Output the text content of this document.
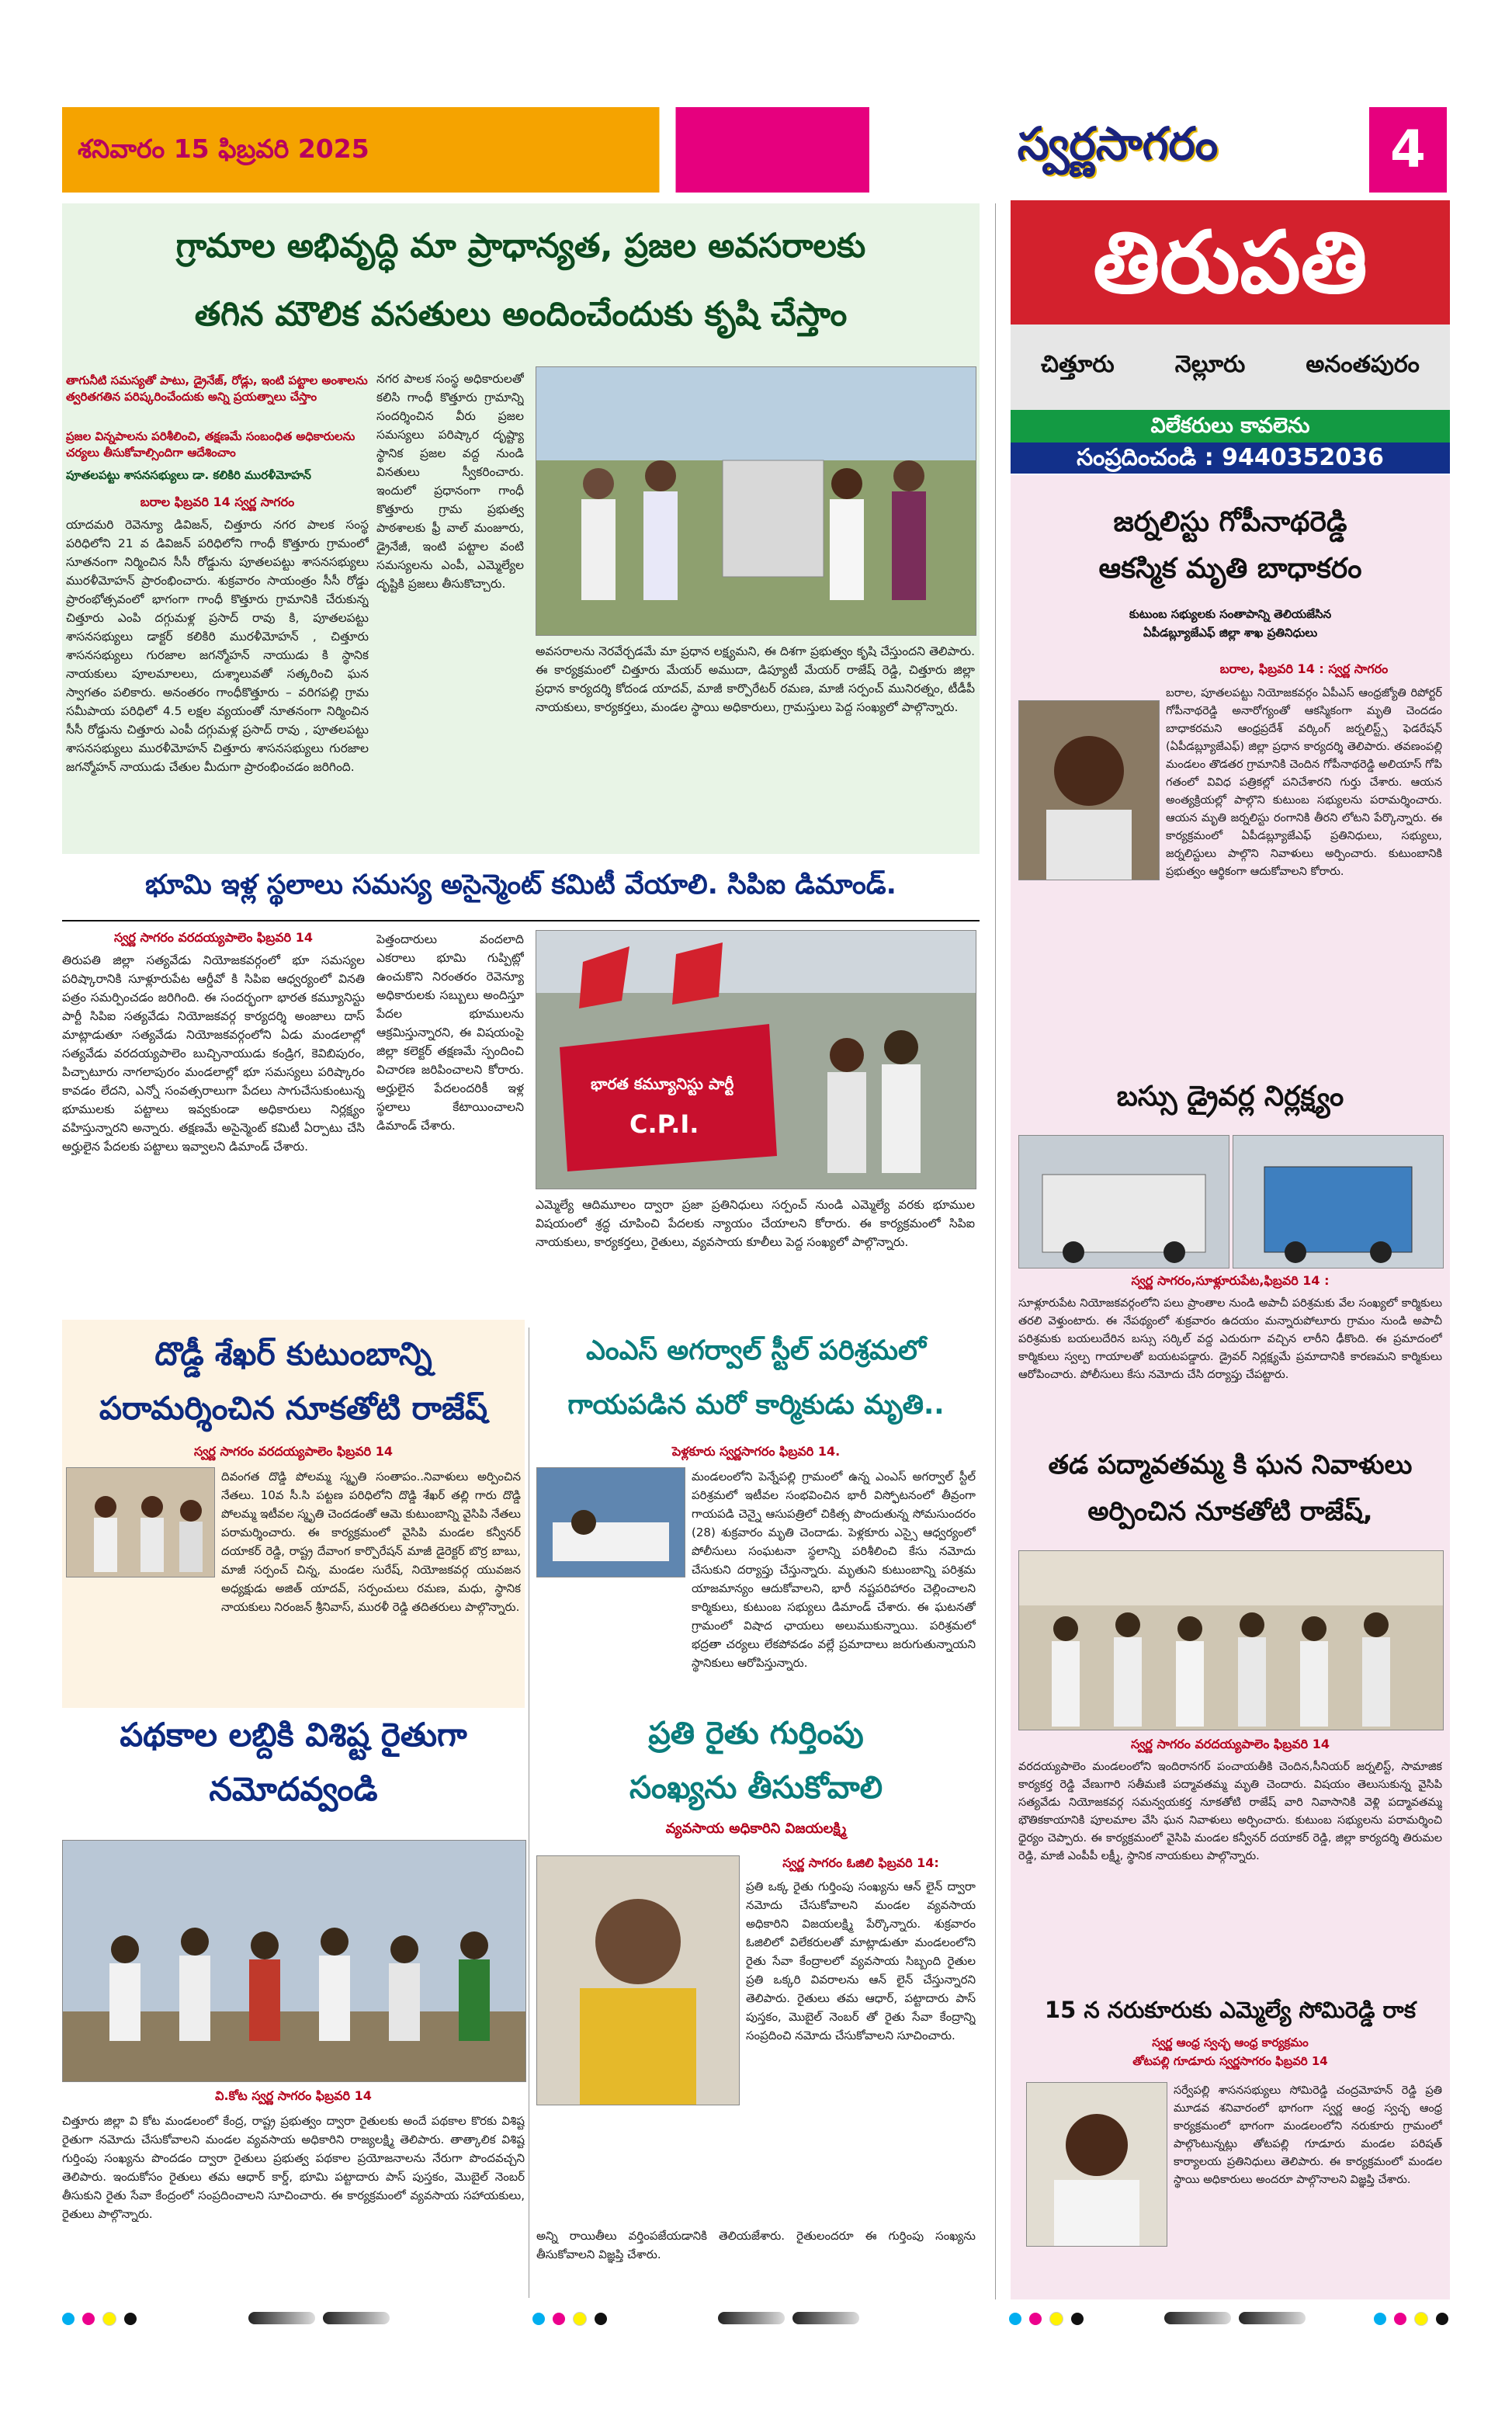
శనివారం 15 ఫిబ్రవరి 2025	స్వర్ణసాగరం	4
తిరుపతి
చిత్తూరు	నెల్లూరు	అనంతపురం
విలేకరులు కావలెను
సంప్రదించండి : 9440352036
గ్రామాల అభివృద్ధి మా ప్రాధాన్యత, ప్రజల అవసరాలకు
తగిన మౌలిక వసతులు అందించేందుకు కృషి చేస్తాం
తాగునీటి సమస్యతో పాటు, డ్రైనేజ్, రోడ్లు, ఇంటి పట్టాల అంశాలను త్వరితగతిన పరిష్కరించేందుకు అన్ని ప్రయత్నాలు చేస్తాం
ప్రజల విన్నపాలను పరిశీలించి, తక్షణమే సంబంధిత అధికారులను చర్యలు తీసుకోవాల్సిందిగా ఆదేశించాం
పూతలపట్టు శాసనసభ్యులు డా. కలికిరి మురళీమోహన్
బరాల ఫిబ్రవరి 14 స్వర్ణ సాగరం
యాదమరి రెవెన్యూ డివిజన్, చిత్తూరు నగర పాలక సంస్థ పరిధిలోని 21 వ డివిజన్ పరిధిలోని గాంధీ కొత్తూరు గ్రామంలో సూతనంగా నిర్మించిన సీసీ రోడ్డును పూతలపట్టు శాసనసభ్యులు మురళీమోహన్ ప్రారంభించారు. శుక్రవారం సాయంత్రం సీసీ రోడ్డు ప్రారంభోత్సవంలో భాగంగా గాంధీ కొత్తూరు గ్రామానికి చేరుకున్న చిత్తూరు ఎంపి దగ్గుమళ్ల ప్రసాద్ రావు కి, పూతలపట్టు శాసనసభ్యులు డాక్టర్ కలికిరి మురళీమోహన్ , చిత్తూరు శాసనసభ్యులు గురజాల జగన్మోహన్ నాయుడు కి స్థానిక నాయకులు పూలమాలలు, దుశ్శాలువతో సత్కరించి ఘన స్వాగతం పలికారు. అనంతరం గాంధీకొత్తూరు – వరిగపల్లి గ్రామ సమీపాయ పరిధిలో 4.5 లక్షల వ్యయంతో నూతనంగా నిర్మించిన సీసీ రోడ్డును చిత్తూరు ఎంపీ దగ్గుమళ్ల ప్రసాద్ రావు , పూతలపట్టు శాసనసభ్యులు మురళీమోహన్ చిత్తూరు శాసనసభ్యులు గురజాల జగన్మోహన్ నాయుడు చేతుల మీదుగా ప్రారంభించడం జరిగింది.
నగర పాలక సంస్థ అధికారులతో కలిసి గాంధీ కొత్తూరు గ్రామాన్ని సందర్శించిన వీరు ప్రజల సమస్యలు పరిష్కార దృష్ట్యా స్థానిక ప్రజల వద్ద నుండి వినతులు స్వీకరించారు. ఇందులో ప్రధానంగా గాంధీ కొత్తూరు గ్రామ ప్రభుత్వ పాఠశాలకు ఫ్రీ వాల్ మంజూరు, డ్రైనేజీ, ఇంటి పట్టాల వంటి సమస్యలను ఎంపీ, ఎమ్మెల్యేల దృష్టికి ప్రజలు తీసుకొచ్చారు.
అవసరాలను నెరవేర్చడమే మా ప్రధాన లక్ష్యమని, ఈ దిశగా ప్రభుత్వం కృషి చేస్తుందని తెలిపారు. ఈ కార్యక్రమంలో చిత్తూరు మేయర్ అముదా, డిప్యూటీ మేయర్ రాజేష్ రెడ్డి, చిత్తూరు జిల్లా ప్రధాన కార్యదర్శి కోదండ యాదవ్, మాజీ కార్పొరేటర్ రమణ, మాజీ సర్పంచ్ మునిరత్నం, టీడీపీ నాయకులు, కార్యకర్తలు, మండల స్థాయి అధికారులు, గ్రామస్తులు పెద్ద సంఖ్యలో పాల్గొన్నారు.
భూమి ఇళ్ల స్థలాలు సమస్య అసైన్మెంట్ కమిటీ వేయాలి. సిపిఐ డిమాండ్.
స్వర్ణ సాగరం వరదయ్యపాలెం ఫిబ్రవరి 14
తిరుపతి జిల్లా సత్యవేడు నియోజకవర్గంలో భూ సమస్యల పరిష్కారానికి సూళ్లూరుపేట ఆర్డీవో కి సిపిఐ ఆధ్వర్యంలో వినతి పత్రం సమర్పించడం జరిగింది. ఈ సందర్భంగా భారత కమ్యూనిస్టు పార్టీ సిపిఐ సత్యవేడు నియోజకవర్గ కార్యదర్శి అంజాలు దాస్ మాట్లాడుతూ సత్యవేడు నియోజకవర్గంలోని ఏడు మండలాల్లో సత్యవేడు వరదయ్యపాలెం బుచ్చినాయుడు కండ్రిగ, కెవిబిపురం, పిచ్చాటూరు నాగలాపురం మండలాల్లో భూ సమస్యలు పరిష్కారం కావడం లేదని, ఎన్నో సంవత్సరాలుగా పేదలు సాగుచేసుకుంటున్న భూములకు పట్టాలు ఇవ్వకుండా అధికారులు నిర్లక్ష్యం వహిస్తున్నారని అన్నారు. తక్షణమే అసైన్మెంట్ కమిటీ ఏర్పాటు చేసి అర్హులైన పేదలకు పట్టాలు ఇవ్వాలని డిమాండ్ చేశారు.
పెత్తందారులు వందలాది ఎకరాలు భూమి గుప్పిట్లో ఉంచుకొని నిరంతరం రెవెన్యూ అధికారులకు సబ్బులు అందిస్తూ పేదల భూములను ఆక్రమిస్తున్నారని, ఈ విషయంపై జిల్లా కలెక్టర్ తక్షణమే స్పందించి విచారణ జరిపించాలని కోరారు. అర్హులైన పేదలందరికీ ఇళ్ల స్థలాలు కేటాయించాలని డిమాండ్ చేశారు.
భారత కమ్యూనిస్టు పార్టీ
C.P.I.
ఎమ్మెల్యే ఆదిమూలం ద్వారా ప్రజా ప్రతినిధులు సర్పంచ్ నుండి ఎమ్మెల్యే వరకు భూముల విషయంలో శ్రద్ధ చూపించి పేదలకు న్యాయం చేయాలని కోరారు. ఈ కార్యక్రమంలో సిపిఐ నాయకులు, కార్యకర్తలు, రైతులు, వ్యవసాయ కూలీలు పెద్ద సంఖ్యలో పాల్గొన్నారు.
దొడ్డీ శేఖర్ కుటుంబాన్ని
పరామర్శించిన నూకతోటి రాజేష్
స్వర్ణ సాగరం వరదయ్యపాలెం ఫిబ్రవరి 14
దివంగత దొడ్డి పోలమ్మ స్మృతి సంతాపం..నివాళులు అర్పించిన నేతలు. 10వ సీ.సి పట్టణ పరిధిలోని దొడ్డి శేఖర్ తల్లి గారు దొడ్డి పోలమ్మ ఇటీవల స్మృతి చెందడంతో ఆమె కుటుంబాన్ని వైసిపి నేతలు పరామర్శించారు. ఈ కార్యక్రమంలో వైసిపి మండల కన్వీనర్ దయాకర్ రెడ్డి, రాష్ట్ర దేవాంగ కార్పొరేషన్ మాజీ డైరెక్టర్ బొర్ర బాబు, మాజీ సర్పంచ్ చిన్న, మండల సురేష్, నియోజకవర్గ యువజన అధ్యక్షుడు అజిత్ యాదవ్, సర్పంచులు రమణ, మధు, స్థానిక నాయకులు నిరంజన్ శ్రీనివాస్, మురళీ రెడ్డి తదితరులు పాల్గొన్నారు.
ఎంఎస్ అగర్వాల్ స్టీల్ పరిశ్రమలో
గాయపడిన మరో కార్మికుడు మృతి..
పెళ్లకూరు స్వర్ణసాగరం ఫిబ్రవరి 14.
మండలంలోని పెన్నేపల్లి గ్రామంలో ఉన్న ఎంఎస్ అగర్వాల్ స్టీల్ పరిశ్రమలో ఇటీవల సంభవించిన భారీ విస్ఫోటనంలో తీవ్రంగా గాయపడి చెన్నై ఆసుపత్రిలో చికిత్స పొందుతున్న సోమసుందరం (28) శుక్రవారం మృతి చెందాడు. పెళ్లకూరు ఎస్సై ఆధ్వర్యంలో పోలీసులు సంఘటనా స్థలాన్ని పరిశీలించి కేసు నమోదు చేసుకుని దర్యాప్తు చేస్తున్నారు. మృతుని కుటుంబాన్ని పరిశ్రమ యాజమాన్యం ఆదుకోవాలని, భారీ నష్టపరిహారం చెల్లించాలని కార్మికులు, కుటుంబ సభ్యులు డిమాండ్ చేశారు. ఈ ఘటనతో గ్రామంలో విషాద ఛాయలు అలుముకున్నాయి. పరిశ్రమలో భద్రతా చర్యలు లేకపోవడం వల్లే ప్రమాదాలు జరుగుతున్నాయని స్థానికులు ఆరోపిస్తున్నారు.
పథకాల లబ్దికి విశిష్ట రైతుగా
నమోదవ్వండి
వి.కోట స్వర్ణ సాగరం ఫిబ్రవరి 14
చిత్తూరు జిల్లా వి కోట మండలంలో కేంద్ర, రాష్ట్ర ప్రభుత్వం ద్వారా రైతులకు అందే పథకాల కొరకు విశిష్ట రైతుగా నమోదు చేసుకోవాలని మండల వ్యవసాయ అధికారిని రాజ్యలక్ష్మి తెలిపారు. తాత్కాలిక విశిష్ట గుర్తింపు సంఖ్యను పొందడం ద్వారా రైతులు ప్రభుత్వ పథకాల ప్రయోజనాలను నేరుగా పొందవచ్చని తెలిపారు. ఇందుకోసం రైతులు తమ ఆధార్ కార్డ్, భూమి పట్టాదారు పాస్ పుస్తకం, మొబైల్ నెంబర్ తీసుకుని రైతు సేవా కేంద్రంలో సంప్రదించాలని సూచించారు. ఈ కార్యక్రమంలో వ్యవసాయ సహాయకులు, రైతులు పాల్గొన్నారు.
ప్రతి రైతు గుర్తింపు
సంఖ్యను తీసుకోవాలి
వ్యవసాయ అధికారిని విజయలక్ష్మి
స్వర్ణ సాగరం ఓజిలి ఫిబ్రవరి 14:
ప్రతి ఒక్క రైతు గుర్తింపు సంఖ్యను ఆన్ లైన్ ద్వారా నమోదు చేసుకోవాలని మండల వ్యవసాయ అధికారిని విజయలక్ష్మి పేర్కొన్నారు. శుక్రవారం ఓజిలిలో విలేకరులతో మాట్లాడుతూ మండలంలోని రైతు సేవా కేంద్రాలలో వ్యవసాయ సిబ్బంది రైతుల ప్రతి ఒక్కరి వివరాలను ఆన్ లైన్ చేస్తున్నారని తెలిపారు. రైతులు తమ ఆధార్, పట్టాదారు పాస్ పుస్తకం, మొబైల్ నెంబర్ తో రైతు సేవా కేంద్రాన్ని సంప్రదించి నమోదు చేసుకోవాలని సూచించారు.
అన్ని రాయితీలు వర్తింపజేయడానికి తెలియజేశారు. రైతులందరూ ఈ గుర్తింపు సంఖ్యను తీసుకోవాలని విజ్ఞప్తి చేశారు.
జర్నలిస్టు గోపీనాథరెడ్డి
ఆకస్మిక మృతి బాధాకరం
కుటుంబ సభ్యులకు సంతాపాన్ని తెలియజేసిన
ఏపీడబ్ల్యూజేఎఫ్ జిల్లా శాఖ ప్రతినిధులు
బరాల, ఫిబ్రవరి 14 : స్వర్ణ సాగరం
బరాల, పూతలపట్టు నియోజకవర్గం ఏపీఎస్ ఆంధ్రజ్యోతి రిపోర్టర్ గోపీనాథరెడ్డి అనారోగ్యంతో ఆకస్మికంగా మృతి చెందడం బాధాకరమని ఆంధ్రప్రదేశ్ వర్కింగ్ జర్నలిస్ట్స్ ఫెడరేషన్ (ఏపీడబ్ల్యూజేఎఫ్) జిల్లా ప్రధాన కార్యదర్శి తెలిపారు. తవణంపల్లి మండలం తొడతర గ్రామానికి చెందిన గోపీనాథరెడ్డి అలియాస్ గోపి గతంలో వివిధ పత్రికల్లో పనిచేశారని గుర్తు చేశారు. ఆయన అంత్యక్రియల్లో పాల్గొని కుటుంబ సభ్యులను పరామర్శించారు. ఆయన మృతి జర్నలిస్టు రంగానికి తీరని లోటని పేర్కొన్నారు. ఈ కార్యక్రమంలో ఏపీడబ్ల్యూజేఎఫ్ ప్రతినిధులు, సభ్యులు, జర్నలిస్టులు పాల్గొని నివాళులు అర్పించారు. కుటుంబానికి ప్రభుత్వం ఆర్థికంగా ఆదుకోవాలని కోరారు.
బస్సు డ్రైవర్ల నిర్లక్ష్యం
స్వర్ణ సాగరం,సూళ్లూరుపేట,ఫిబ్రవరి 14 :
సూళ్లూరుపేట నియోజకవర్గంలోని పలు ప్రాంతాల నుండి అపాచీ పరిశ్రమకు వేల సంఖ్యలో కార్మికులు తరలి వెళ్తుంటారు. ఈ నేపథ్యంలో శుక్రవారం ఉదయం మన్నారుపోలూరు గ్రామం నుండి అపాచీ పరిశ్రమకు బయలుదేరిన బస్సు సర్కిల్ వద్ద ఎదురుగా వచ్చిన లారీని ఢీకొంది. ఈ ప్రమాదంలో కార్మికులు స్వల్ప గాయాలతో బయటపడ్డారు. డ్రైవర్ నిర్లక్ష్యమే ప్రమాదానికి కారణమని కార్మికులు ఆరోపించారు. పోలీసులు కేసు నమోదు చేసి దర్యాప్తు చేపట్టారు.
తడ పద్మావతమ్మ కి ఘన నివాళులు
అర్పించిన నూకతోటి రాజేష్,
స్వర్ణ సాగరం వరదయ్యపాలెం ఫిబ్రవరి 14
వరదయ్యపాలెం మండలంలోని ఇందిరానగర్ పంచాయతీకి చెందిన,సీనియర్ జర్నలిస్ట్, సామాజిక కార్యకర్త రెడ్డి వేణుగారి సతీమణి పద్మావతమ్మ మృతి చెందారు. విషయం తెలుసుకున్న వైసిపి సత్యవేడు నియోజకవర్గ సమన్వయకర్త నూకతోటి రాజేష్ వారి నివాసానికి వెళ్లి పద్మావతమ్మ భౌతికకాయానికి పూలమాల వేసి ఘన నివాళులు అర్పించారు. కుటుంబ సభ్యులను పరామర్శించి ధైర్యం చెప్పారు. ఈ కార్యక్రమంలో వైసిపి మండల కన్వీనర్ దయాకర్ రెడ్డి, జిల్లా కార్యదర్శి తిరుమల రెడ్డి, మాజీ ఎంపీపీ లక్ష్మీ, స్థానిక నాయకులు పాల్గొన్నారు.
15 న నరుకూరుకు ఎమ్మెల్యే సోమిరెడ్డి రాక
స్వర్ణ ఆంధ్ర స్వచ్ఛ ఆంధ్ర కార్యక్రమం
తోటపల్లి గూడూరు స్వర్ణసాగరం ఫిబ్రవరి 14
సర్వేపల్లి శాసనసభ్యులు సోమిరెడ్డి చంద్రమోహన్ రెడ్డి ప్రతి మూడవ శనివారంలో భాగంగా స్వర్ణ ఆంధ్ర స్వచ్ఛ ఆంధ్ర కార్యక్రమంలో భాగంగా మండలంలోని నరుకూరు గ్రామంలో పాల్గొంటున్నట్లు తోటపల్లి గూడూరు మండల పరిషత్ కార్యాలయ ప్రతినిధులు తెలిపారు. ఈ కార్యక్రమంలో మండల స్థాయి అధికారులు అందరూ పాల్గొనాలని విజ్ఞప్తి చేశారు.
